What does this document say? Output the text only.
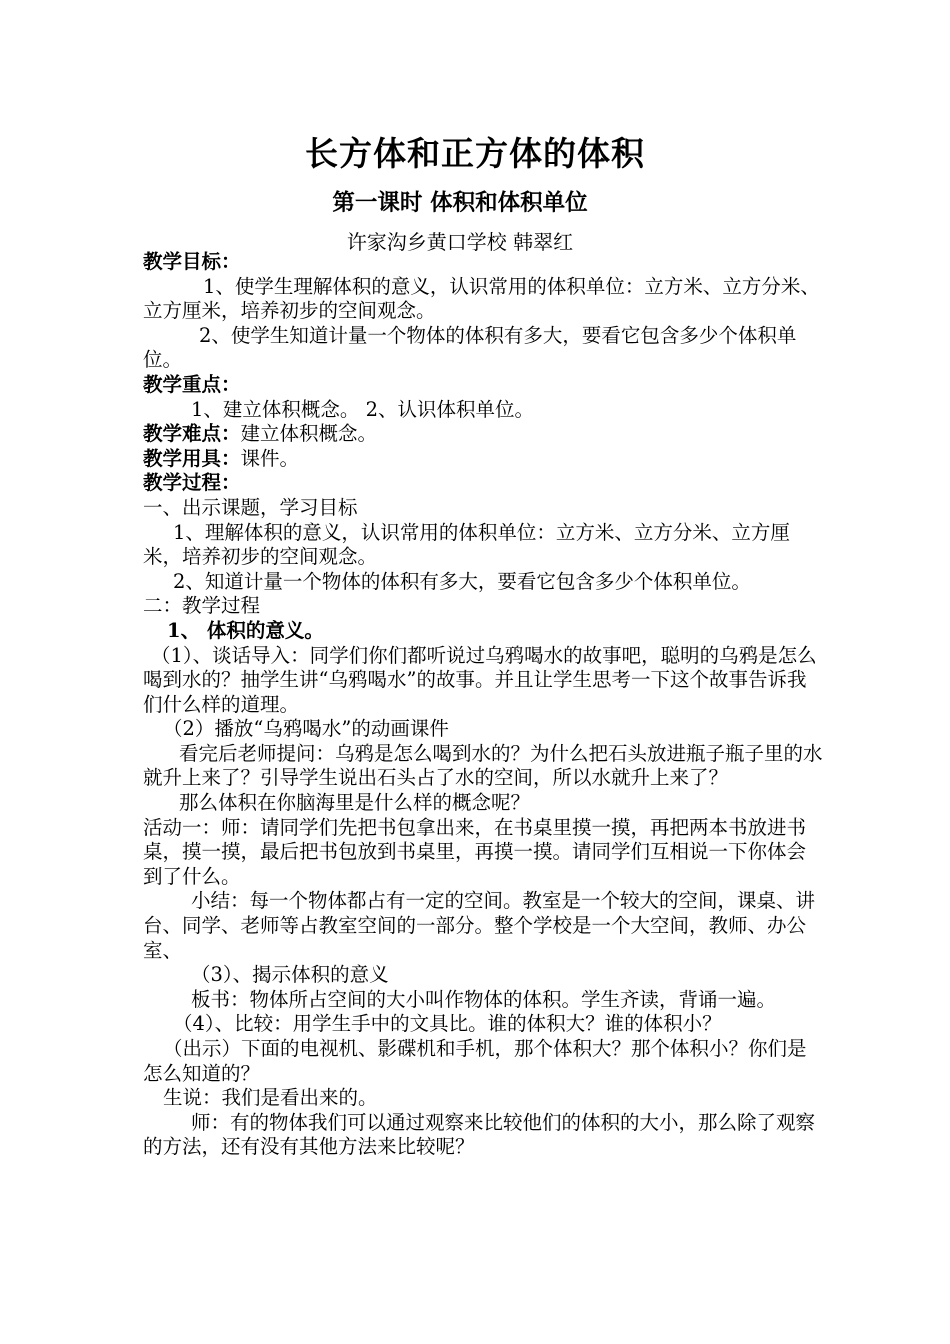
长方体和正方体的体积
第一课时 体积和体积单位
许家沟乡黄口学校 韩翠红

教学目标：

1、使学生理解体积的意义，认识常用的体积单位：立方米、立方分米、立方厘米，培养初步的空间观念。

2、使学生知道计量一个物体的体积有多大，要看它包含多少个体积单位。

教学重点：

1、建立体积概念。 2、认识体积单位。

教学难点：建立体积概念。

教学用具：课件。

教学过程：

一、出示课题，学习目标

1、理解体积的意义，认识常用的体积单位：立方米、立方分米、立方厘米，培养初步的空间观念。

2、知道计量一个物体的体积有多大，要看它包含多少个体积单位。

二：教学过程

1、 体积的意义。

（1）、谈话导入：同学们你们都听说过乌鸦喝水的故事吧，聪明的乌鸦是怎么喝到水的？抽学生讲“乌鸦喝水”的故事。并且让学生思考一下这个故事告诉我们什么样的道理。

（2）播放“乌鸦喝水”的动画课件

看完后老师提问：乌鸦是怎么喝到水的？为什么把石头放进瓶子瓶子里的水就升上来了？引导学生说出石头占了水的空间，所以水就升上来了？

那么体积在你脑海里是什么样的概念呢？

活动一：师：请同学们先把书包拿出来，在书桌里摸一摸，再把两本书放进书桌，摸一摸，最后把书包放到书桌里，再摸一摸。请同学们互相说一下你体会到了什么。

小结：每一个物体都占有一定的空间。教室是一个较大的空间，课桌、讲台、同学、老师等占教室空间的一部分。整个学校是一个大空间，教师、办公室、

（3）、揭示体积的意义

板书：物体所占空间的大小叫作物体的体积。学生齐读，背诵一遍。

（4）、比较：用学生手中的文具比。谁的体积大？谁的体积小？

（出示）下面的电视机、影碟机和手机，那个体积大？那个体积小？你们是怎么知道的？

生说：我们是看出来的。

师：有的物体我们可以通过观察来比较他们的体积的大小，那么除了观察的方法，还有没有其他方法来比较呢？
